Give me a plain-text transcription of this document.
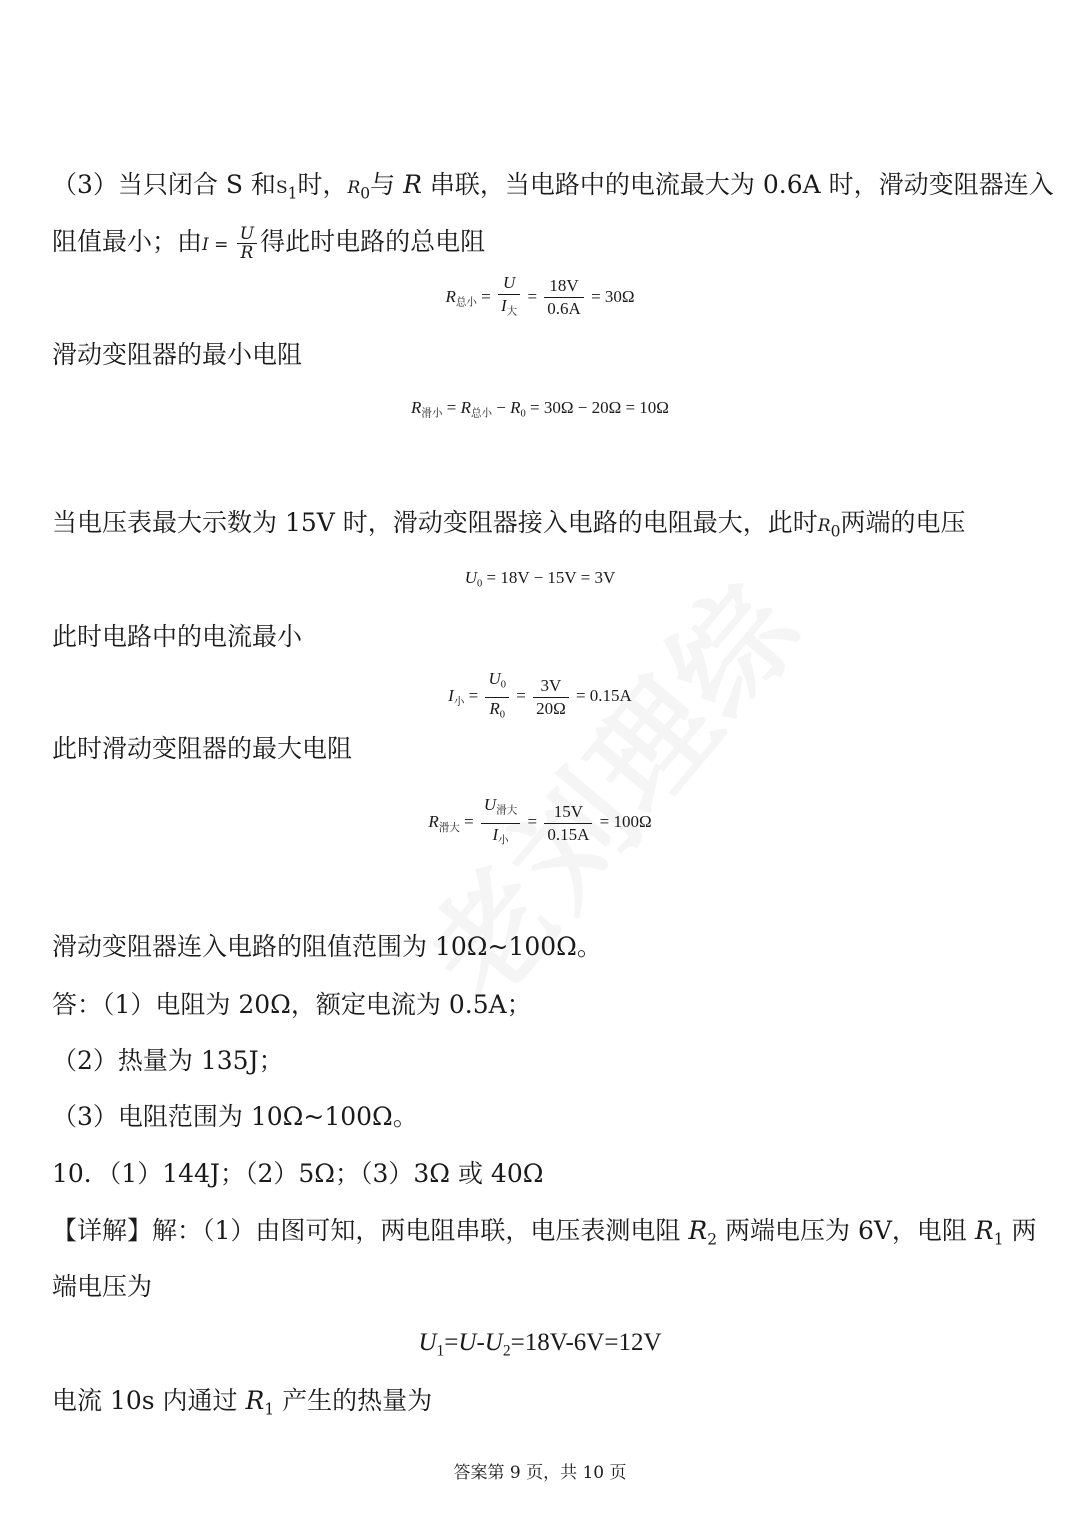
（3）当只闭合 S 和$S_1$时，$R_0$与 R 串联，当电路中的电流最大为 0.6A 时，滑动变阻器连入
阻值最小；由$I = \frac{U}{R}$ 得此时电路的总电阻
$R_{总小} = \frac{U}{I_大} = \frac{18V}{0.6A} = 30\Omega$
滑动变阻器的最小电阻
$R_{滑小} = R_{总小} - R_0 = 30\Omega - 20\Omega = 10\Omega$
当电压表最大示数为 15V 时，滑动变阻器接入电路的电阻最大，此时$R_0$两端的电压
$U_0 = 18V - 15V = 3V$
此时电路中的电流最小
$I_小 = \frac{U_0}{R_0} = \frac{3V}{20\Omega} = 0.15A$
此时滑动变阻器的最大电阻
$R_{滑大} = \frac{U_{滑大}}{I_小} = \frac{15V}{0.15A} = 100\Omega$
滑动变阻器连入电路的阻值范围为 10Ω~100Ω。
答：（1）电阻为 20Ω，额定电流为 0.5A；
（2）热量为 135J；
（3）电阻范围为 10Ω~100Ω。
10．（1）144J；（2）5Ω；（3）3Ω 或 40Ω
【详解】解：（1）由图可知，两电阻串联，电压表测电阻 $R_2$ 两端电压为 6V，电阻 $R_1$ 两
端电压为
$U_1=U-U_2=18V-6V=12V$
电流 10s 内通过 $R_1$ 产生的热量为
答案第 9 页，共 10 页
